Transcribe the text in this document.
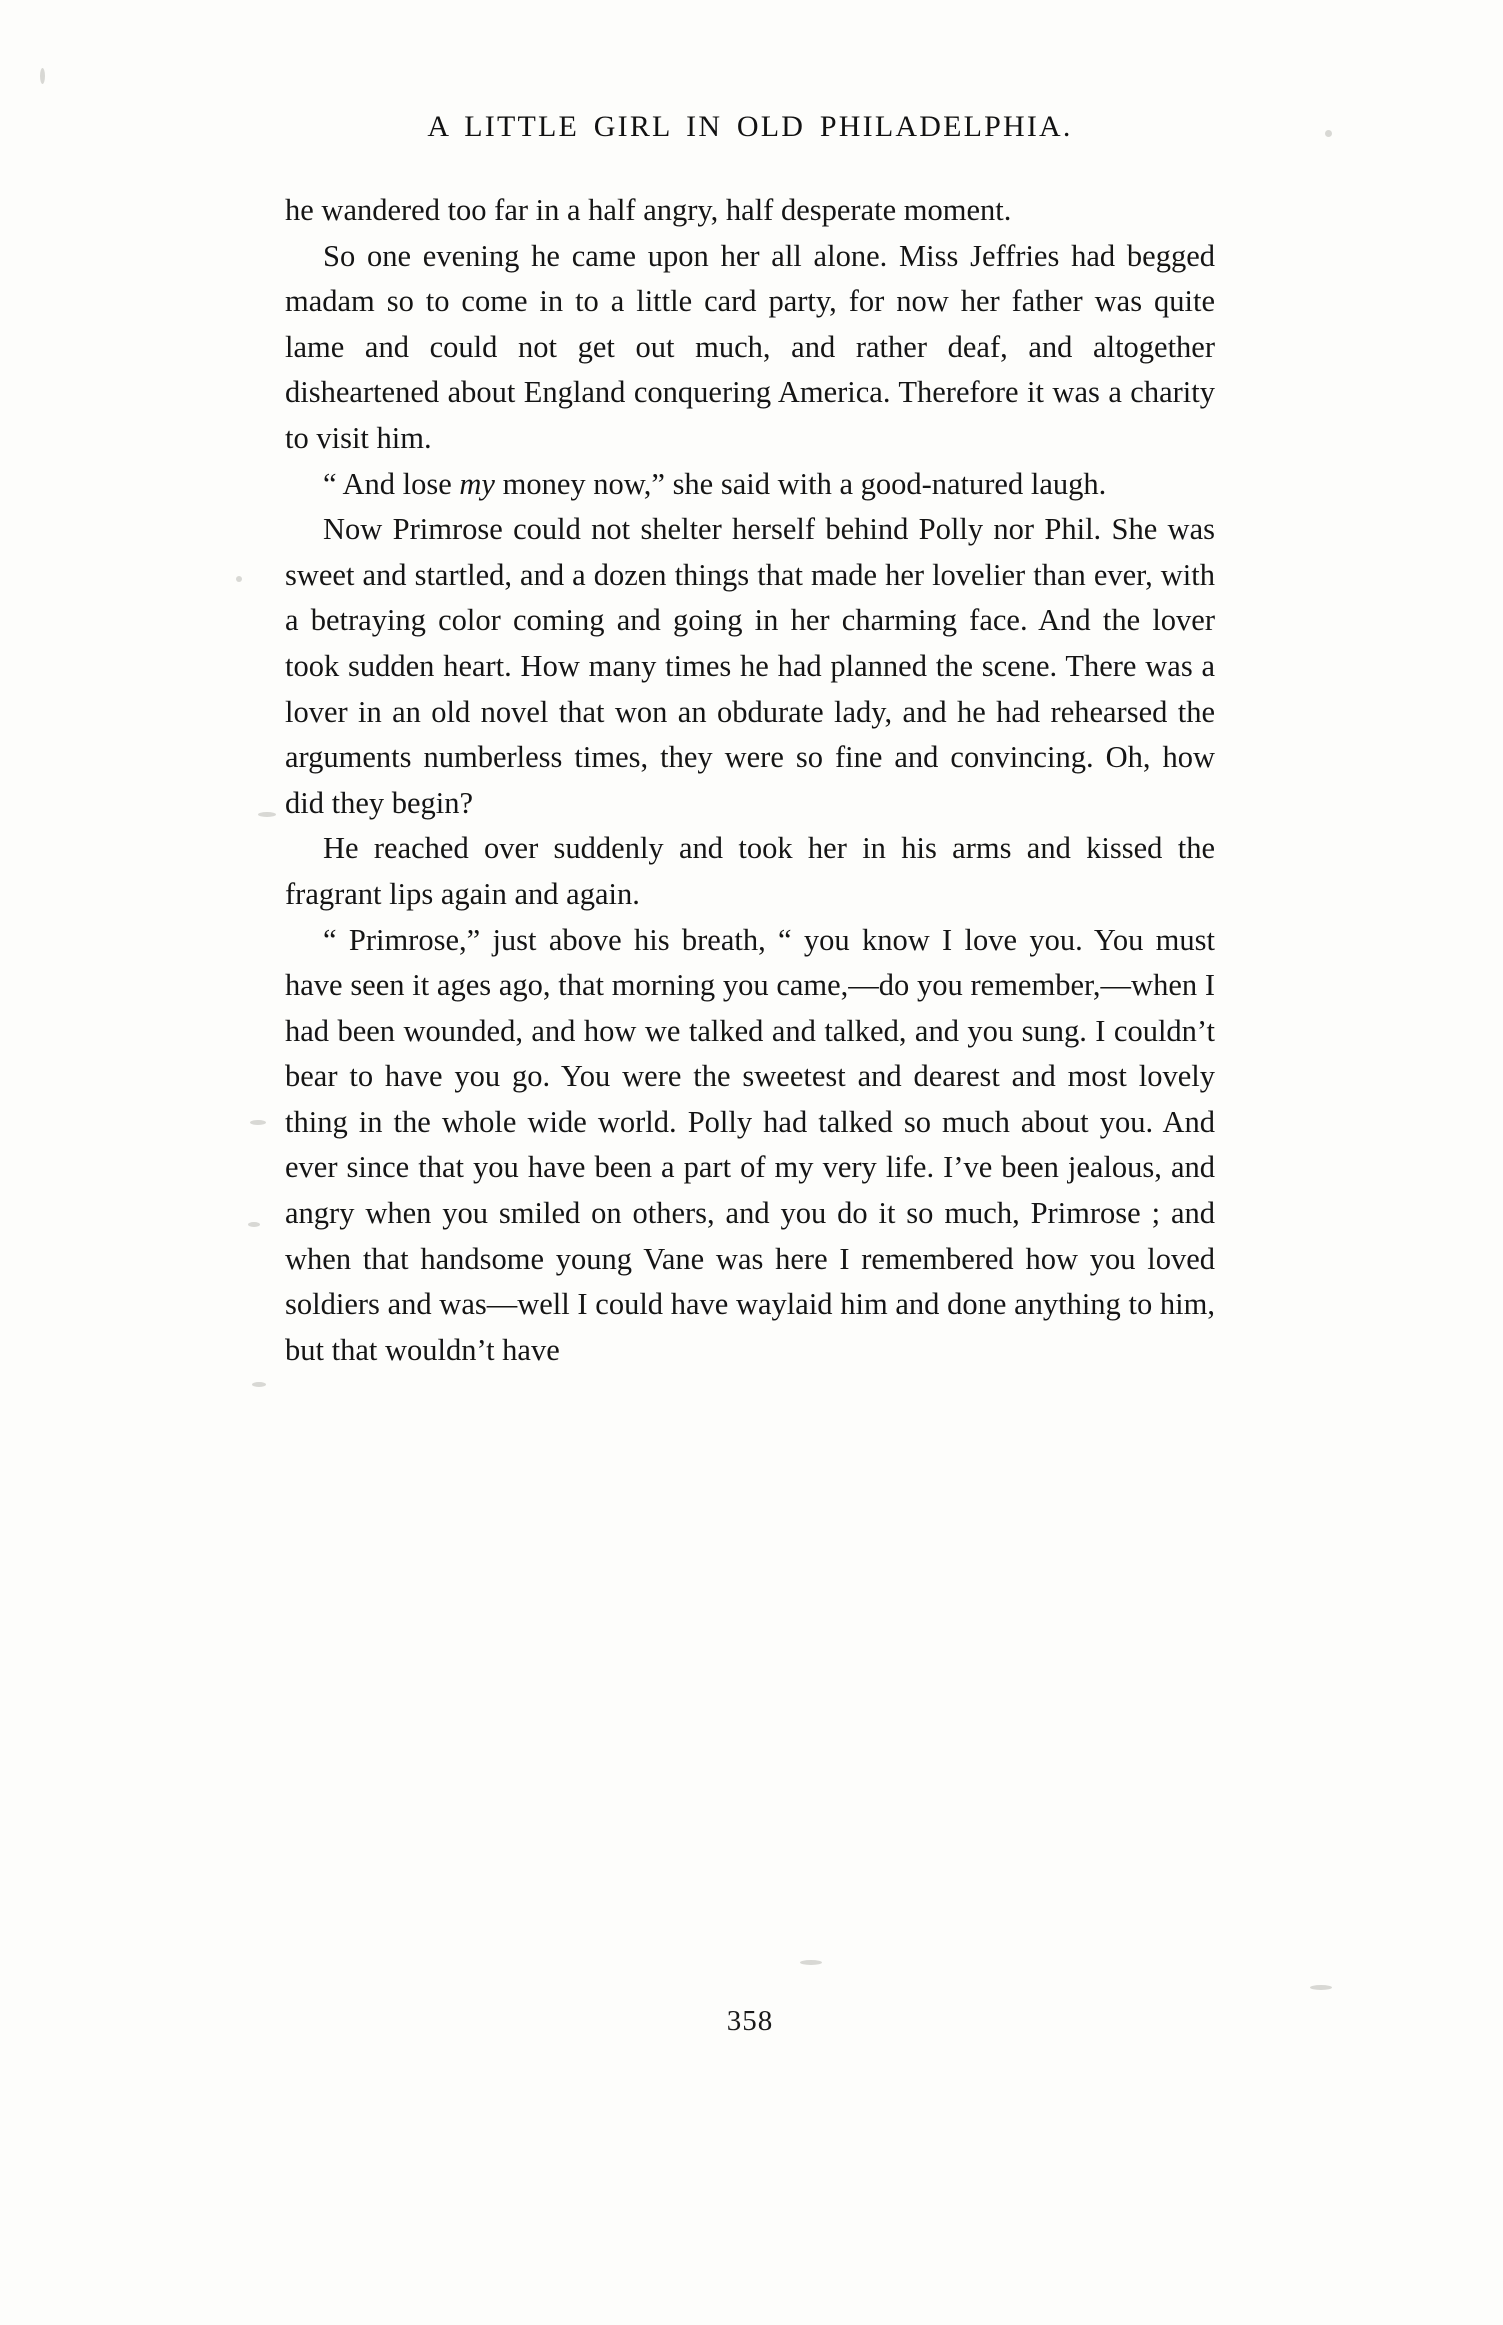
A LITTLE GIRL IN OLD PHILADELPHIA.

he wandered too far in a half angry, half desperate moment.

So one evening he came upon her all alone. Miss Jeffries had begged madam so to come in to a little card party, for now her father was quite lame and could not get out much, and rather deaf, and altogether disheartened about England conquering America. Therefore it was a charity to visit him.

“ And lose my money now,” she said with a good-natured laugh.

Now Primrose could not shelter herself behind Polly nor Phil. She was sweet and startled, and a dozen things that made her lovelier than ever, with a betraying color coming and going in her charming face. And the lover took sudden heart. How many times he had planned the scene. There was a lover in an old novel that won an obdurate lady, and he had rehearsed the arguments numberless times, they were so fine and convincing. Oh, how did they begin?

He reached over suddenly and took her in his arms and kissed the fragrant lips again and again.

“ Primrose,” just above his breath, “ you know I love you. You must have seen it ages ago, that morning you came,—do you remember,—when I had been wounded, and how we talked and talked, and you sung. I couldn’t bear to have you go. You were the sweetest and dearest and most lovely thing in the whole wide world. Polly had talked so much about you. And ever since that you have been a part of my very life. I’ve been jealous, and angry when you smiled on others, and you do it so much, Primrose ; and when that handsome young Vane was here I remembered how you loved soldiers and was—well I could have waylaid him and done anything to him, but that wouldn’t have

358
